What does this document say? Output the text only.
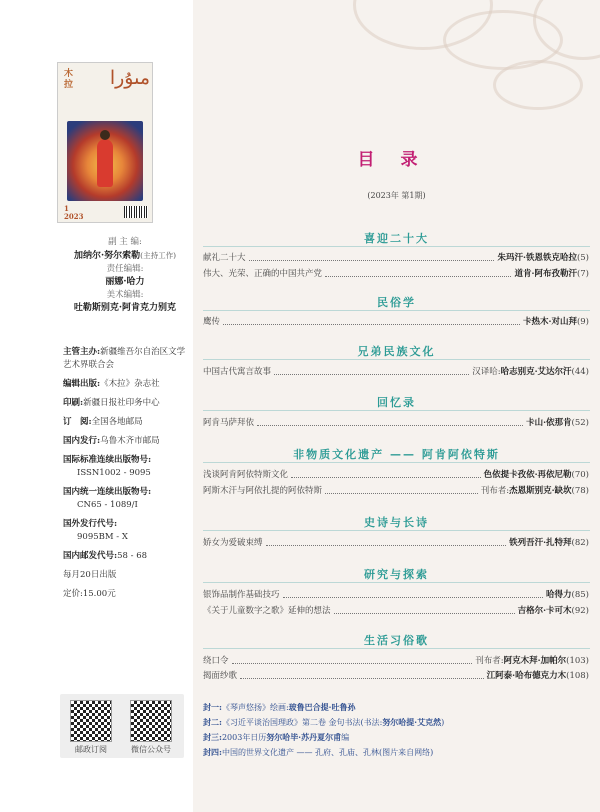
木拉	مىۇرا
1
2023
副 主 编:
加纳尔·努尔索勒(主持工作)
责任编辑:
丽娜·哈力
美术编辑:
吐勒斯别克·阿肯克力别克
主管主办:新疆维吾尔自治区文学艺术界联合会
编辑出版:《木拉》杂志社
印刷:新疆日报社印务中心
订　阅:全国各地邮局
国内发行:乌鲁木齐市邮局
国际标准连续出版物号:
ISSN1002 - 9095
国内统一连续出版物号:
CN65 - 1089/I
国外发行代号:
9095BM - X
国内邮发代号:58 - 68
每月20日出版
定价:15.00元
邮政订阅	微信公众号
目 录
(2023年 第1期)
喜迎二十大
献礼二十大	朱玛汗·铁恩铁克哈拉 (5)
伟大、光荣、正确的中国共产党	道肯·阿布孜勒汗 (7)
民俗学
鹰传	卡热木·对山拜 (9)
兄弟民族文化
中国古代寓言故事	汉译哈: 哈志别克·艾达尔汗 (44)
回忆录
阿肯马萨拜依	卡山·依那肯 (52)
非物质文化遗产 —— 阿肯阿依特斯
浅谈阿肯阿依特斯文化	色依提卡孜依·再依尼勒 (70)
阿斯木汗与阿依扎提的阿依特斯	刊布者: 杰恩斯别克·缺坎 (78)
史诗与长诗
娇女为爱破束缚	铁列吾汗·扎特拜 (82)
研究与探索
银饰品制作基础技巧	哈得力 (85)
《关于儿童数字之歌》延伸的想法	吉格尔·卡可木 (92)
生活习俗歌
绕口令	刊布者: 阿克木拜·加帕尔 (103)
揭面纱歌	江阿泰·哈布德克力木 (108)
封一:《琴声悠扬》绘画:玻鲁巴合提·吐鲁孙
封二:《习近平谈治国理政》第二卷 金句书法(书法:努尔哈提·艾克然)
封三:2003年日历努尔哈毕·苏丹夏尔甫编
封四:中国的世界文化遗产 —— 孔府、孔庙、孔林(图片来自网络)
